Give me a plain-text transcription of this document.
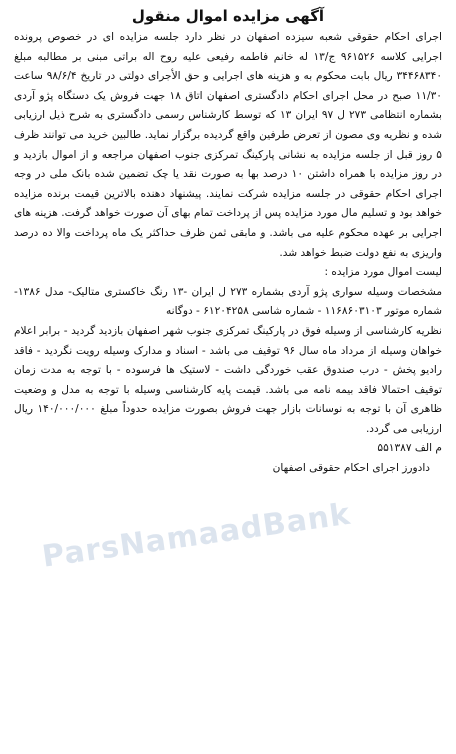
آگهی مزایده اموال منقول

اجرای احکام حقوقی شعبه سیزده اصفهان در نظر دارد جلسه مزایده ای در خصوص پرونده اجرایی کلاسه ۹۶۱۵۲۶ ج/۱۳ له خانم فاطمه رفیعی علیه روح اله براتی مبنی بر مطالبه مبلغ ۳۴۴۶۸۳۴۰ ریال بابت محکوم به و هزینه های اجرایی و حق الأجرای دولتی در تاریخ ۹۸/۶/۴ ساعت ۱۱/۳۰ صبح در محل اجرای احکام دادگستری اصفهان اتاق ۱۸ جهت فروش یک دستگاه پژو آردی بشماره انتظامی ۲۷۳ ل ۹۷ ایران ۱۳ که توسط کارشناس رسمی دادگستری به شرح ذیل ارزیابی شده و نظریه وی مصون از تعرض طرفین واقع گردیده برگزار نماید. طالبین خرید می توانند ظرف ۵ روز قبل از جلسه مزایده به نشانی پارکینگ تمرکزی جنوب اصفهان مراجعه و از اموال بازدید و در روز مزایده با همراه داشتن ۱۰ درصد بها به صورت نقد یا چک تضمین شده بانک ملی در وجه اجرای احکام حقوقی در جلسه مزایده شرکت نمایند. پیشنهاد دهنده بالاترین قیمت برنده مزایده خواهد بود و تسلیم مال مورد مزایده پس از پرداخت تمام بهای آن صورت خواهد گرفت. هزینه های اجرایی بر عهده محکوم علیه می باشد. و مابقی ثمن ظرف حداکثر یک ماه پرداخت والا ده درصد واریزی به نفع دولت ضبط خواهد شد.

لیست اموال مورد مزایده :

مشخصات وسیله سواری پژو آردی بشماره ۲۷۳ ل ایران -۱۳ رنگ خاکستری متالیک- مدل ۱۳۸۶- شماره موتور ۱۱۶۸۶۰۳۱۰۳ - شماره شاسی ۶۱۲۰۴۲۵۸ - دوگانه

نظریه کارشناسی از وسیله فوق در پارکینگ تمرکزی جنوب شهر اصفهان بازدید گردید - برابر اعلام خواهان وسیله از مرداد ماه سال ۹۶ توقیف می باشد - اسناد و مدارک وسیله رویت نگردید - فاقد رادیو پخش - درب صندوق عقب خوردگی داشت - لاستیک ها فرسوده - با توجه به مدت زمان توقیف احتمالا فاقد بیمه نامه می باشد. قیمت پایه کارشناسی وسیله با توجه به مدل و وضعیت ظاهری آن با توجه به نوسانات بازار جهت فروش بصورت مزایده حدوداً مبلغ ۱۴۰/۰۰۰/۰۰۰ ریال ارزیابی می گردد.

م الف ۵۵۱۳۸۷

دادورز اجرای احکام حقوقی اصفهان

ParsNamaadBank
